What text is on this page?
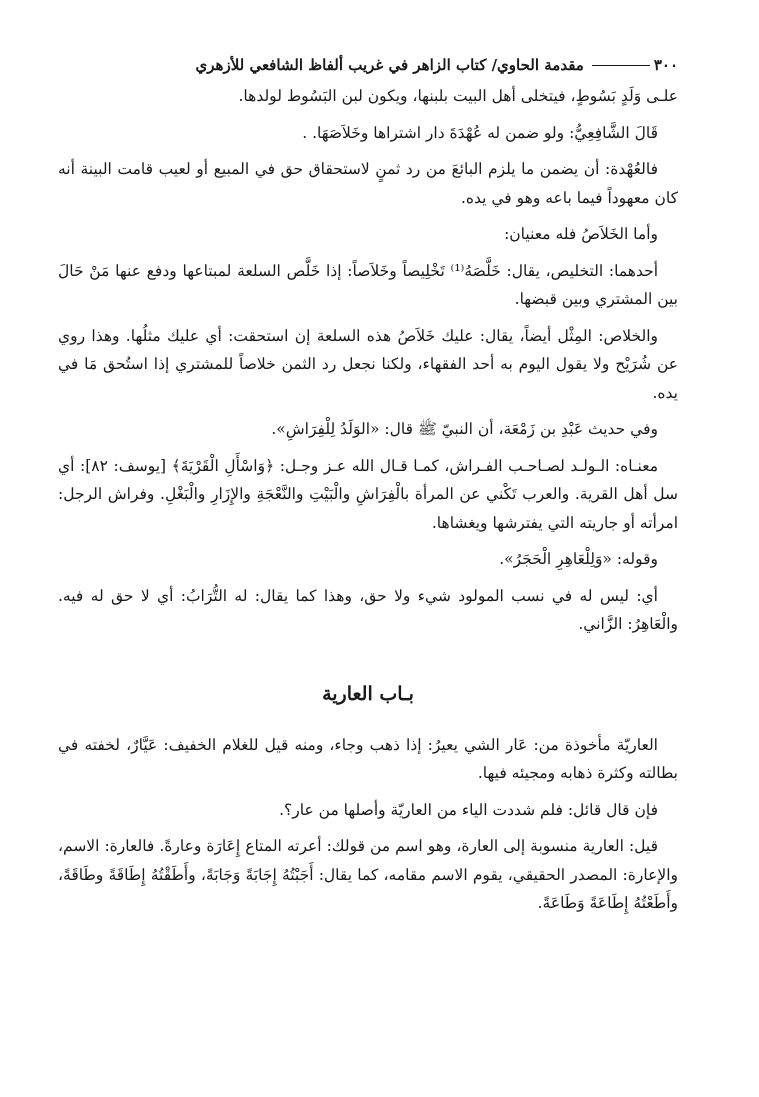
٣٠٠
مقدمة الحاوي/ كتاب الزاهر في غريب ألفاظ الشافعي للأزهري

علـى وَلَدٍ بَسُوطٍ، فيتخلى أهل البيت بلبنها، ويكون لبن البَسُوط لولدها.

قَالَ الشَّافِعِيُّ: ولو ضمن له عُهْدَةَ دار اشتراها وخَلاَصَهَا. .

فالعُهْدة: أن يضمن ما يلزم البائعَ من رد ثمنٍ لاستحقاق حق في المبيع أو لعيب قامت البينة أنه كان معهوداً فيما باعه وهو في يده.

وأما الخَلاَصُ فله معنيان:

أحدهما: التخليص، يقال: خَلَّصَهُ⁽¹⁾ تَخْلِيصاً وخَلاَصاً: إذا خَلَّص السلعة لمبتاعها ودفع عنها مَنْ حَالَ بين المشتري وبين قبضها.

والخلاص: المِثْل أيضاً، يقال: عليك خَلاَصُ هذه السلعة إن استحقت: أي عليك مثلُها. وهذا روي عن شُرَيْح ولا يقول اليوم به أحد الفقهاء، ولكنا نجعل رد الثمن خلاصاً للمشتري إذا استُحق مَا في يده.

وفي حديث عَبْدِ بن زَمْعَة، أن النبيّ ﷺ قال: «الوَلَدُ لِلْفِرَاشِ».

معنـاه: الـولـد لصـاحـب الفـراش، كمـا قـال الله عـز وجـل: ﴿وَاسْأَلِ الْقَرْيَةَ﴾ [يوسف: ٨٢]: أي سل أهل القرية. والعرب تَكْني عن المرأة بالْفِرَاشِ والْبَيْتِ والنَّعْجَةِ والإِزَارِ والْبَغْلِ. وفراش الرجل: امرأته أو جاريته التي يفترشها ويغشاها.

وقوله: «وَلِلْعَاهِرِ الْحَجَرُ».

أي: ليس له في نسب المولود شيء ولا حق، وهذا كما يقال: له التُّرَابُ: أي لا حق له فيه. والْعَاهِرُ: الزَّاني.

بـاب العارية

العاريّة مأخوذة من: عَار الشي يعيرُ: إذا ذهب وجاء، ومنه قيل للغلام الخفيف: عَيَّارٌ، لخفته في بطالته وكثرة ذهابه ومجيئه فيها.

فإن قال قائل: فلم شددت الياء من العاريّة وأصلها من عار؟.

قيل: العارية منسوبة إلى العارة، وهو اسم من قولك: أعرته المتاع إِعَارَة وعارةً. فالعارة: الاسم، والإعارة: المصدر الحقيقي، يقوم الاسم مقامه، كما يقال: أَجَبْتُهُ إِجَابَةً وَجَابَةً، وأَطَقْتُهُ إِطَاقَةً وطَاقَةً، وأَطَعْتُهُ إِطَاعَةً وَطَاعَةً.
